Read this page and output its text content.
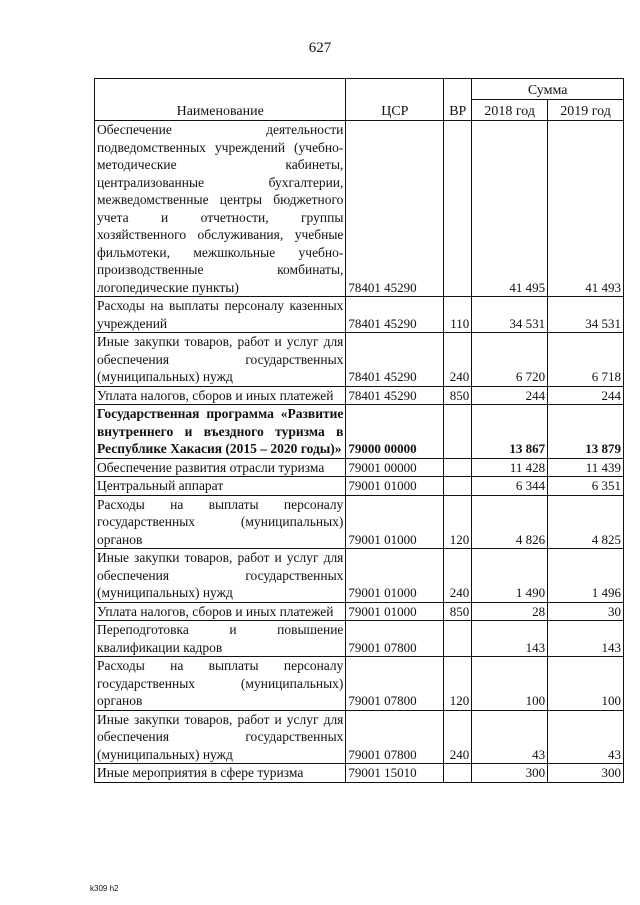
627
Наименование	ЦСР	ВР	Сумма	
			2018 год	2019 год
Обеспечение деятельности подведомственных учреждений (учебно-методические кабинеты, централизованные бухгалтерии, межведомственные центры бюджетного учета и отчетности, группы хозяйственного обслуживания, учебные фильмотеки, межшкольные учебно-производственные комбинаты, логопедические пункты)	78401 45290		41 495	41 493
Расходы на выплаты персоналу казенных учреждений	78401 45290	110	34 531	34 531
Иные закупки товаров, работ и услуг для обеспечения государственных (муниципальных) нужд	78401 45290	240	6 720	6 718
Уплата налогов, сборов и иных платежей	78401 45290	850	244	244
Государственная программа «Развитие внутреннего и въездного туризма в Республике Хакасия (2015 – 2020 годы)»	79000 00000		13 867	13 879
Обеспечение развития отрасли туризма	79001 00000		11 428	11 439
Центральный аппарат	79001 01000		6 344	6 351
Расходы на выплаты персоналу государственных (муниципальных) органов	79001 01000	120	4 826	4 825
Иные закупки товаров, работ и услуг для обеспечения государственных (муниципальных) нужд	79001 01000	240	1 490	1 496
Уплата налогов, сборов и иных платежей	79001 01000	850	28	30
Переподготовка и повышение квалификации кадров	79001 07800		143	143
Расходы на выплаты персоналу государственных (муниципальных) органов	79001 07800	120	100	100
Иные закупки товаров, работ и услуг для обеспечения государственных (муниципальных) нужд	79001 07800	240	43	43
Иные мероприятия в сфере туризма	79001 15010		300	300
k309 h2
